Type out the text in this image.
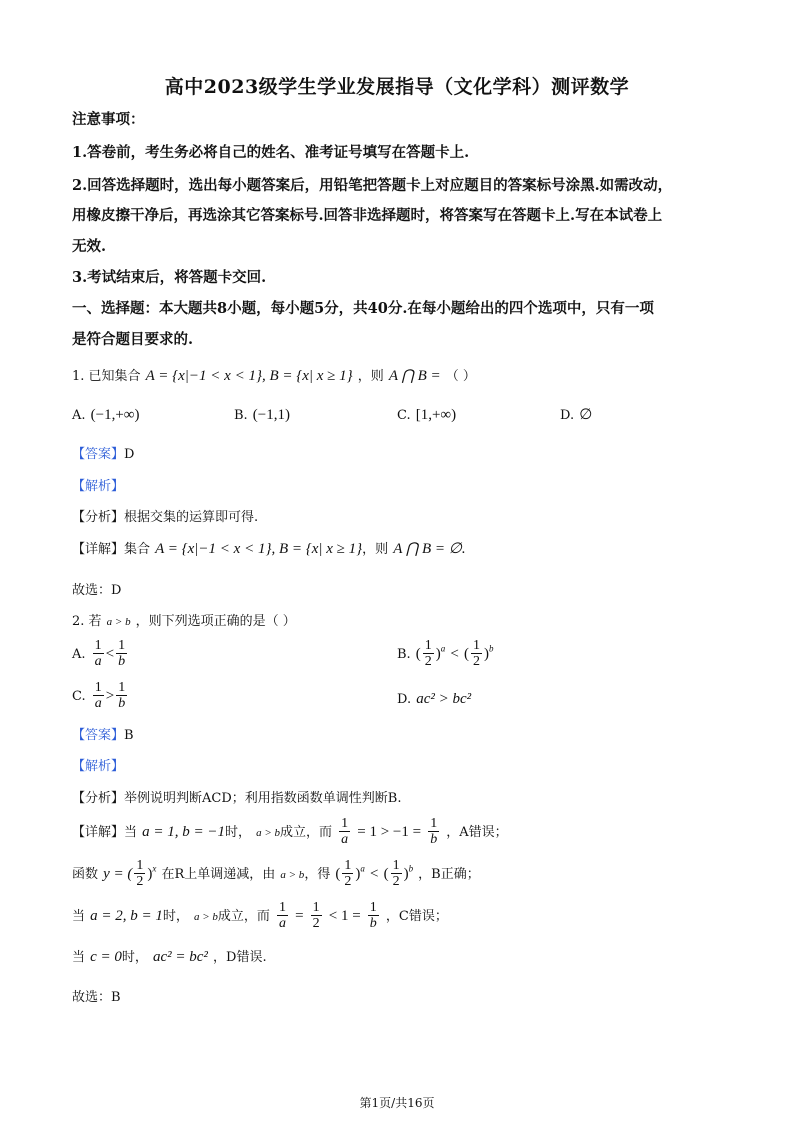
高中2023级学生学业发展指导（文化学科）测评数学
注意事项：
1.答卷前，考生务必将自己的姓名、准考证号填写在答题卡上.
2.回答选择题时，选出每小题答案后，用铅笔把答题卡上对应题目的答案标号涂黑.如需改动，
用橡皮擦干净后，再选涂其它答案标号.回答非选择题时，将答案写在答题卡上.写在本试卷上
无效.
3.考试结束后，将答题卡交回.
一、选择题：本大题共8小题，每小题5分，共40分.在每小题给出的四个选项中，只有一项
是符合题目要求的.
1. 已知集合 A = {x|−1 < x < 1}, B = {x| x ≥ 1} ，则 A ⋂ B = （ ）
A. (−1,+∞)	B. (−1,1)	C. [1,+∞)	D. ∅
【答案】D
【解析】
【分析】根据交集的运算即可得.
【详解】集合 A = {x|−1 < x < 1}, B = {x| x ≥ 1}，则 A ⋂ B = ∅.
故选：D
2. 若 a > b ，则下列选项正确的是（ ）
A. $\frac{1}{a} < \frac{1}{b}$	B. ( $\frac{1}{2} )^a$ < ( $\frac{1}{2} )^b$
C. $\frac{1}{a} > \frac{1}{b}$	D. ac² > bc²
【答案】B
【解析】
【分析】举例说明判断ACD；利用指数函数单调性判断B.
【详解】当 a = 1, b = −1时， a > b成立，而 $\frac{1}{a} = 1 > -1 = \frac{1}{b}$ ，A错误；
函数 y = ( $\frac{1}{2} )^x$ 在R上单调递减，由 a > b，得 ( $\frac{1}{2} )^a$ < ( $\frac{1}{2} )^b$ ，B正确；
当 a = 2, b = 1时， a > b成立，而 $\frac{1}{a} = \frac{1}{2} < 1 = \frac{1}{b}$ ，C错误；
当 c = 0时， ac² = bc² ，D错误.
故选：B
第1页/共16页
